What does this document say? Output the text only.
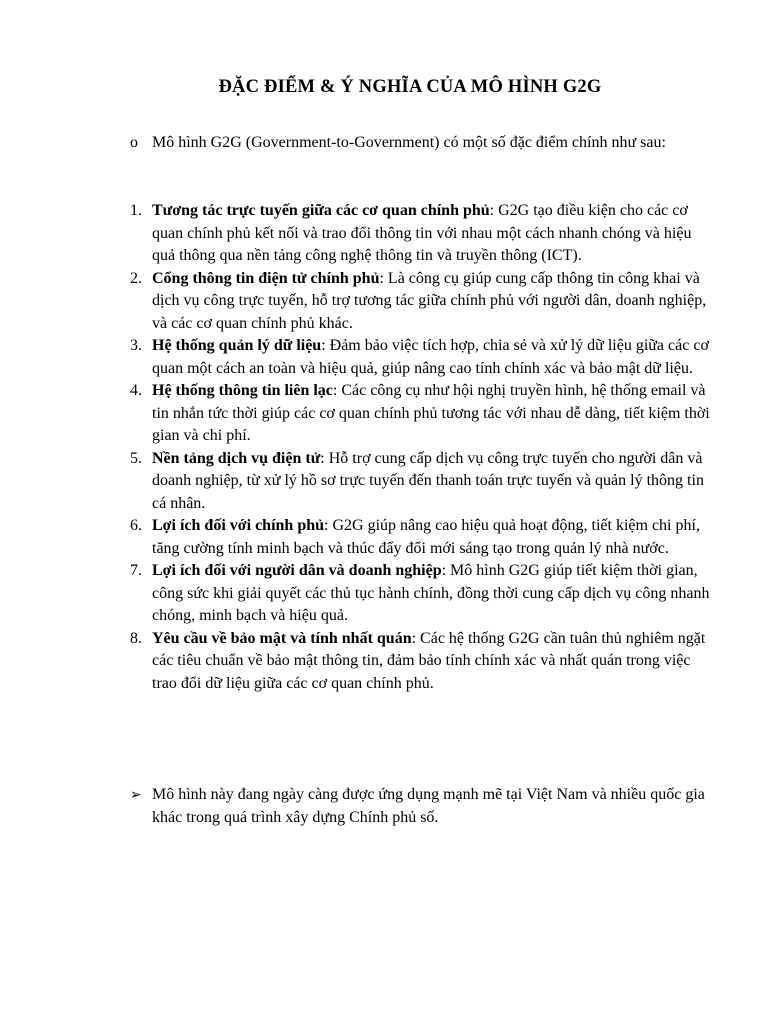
ĐẶC ĐIỂM & Ý NGHĨA CỦA MÔ HÌNH G2G
o Mô hình G2G (Government-to-Government) có một số đặc điểm chính như sau:
1. Tương tác trực tuyến giữa các cơ quan chính phủ: G2G tạo điều kiện cho các cơ quan chính phủ kết nối và trao đổi thông tin với nhau một cách nhanh chóng và hiệu quả thông qua nền tảng công nghệ thông tin và truyền thông (ICT).
2. Cổng thông tin điện tử chính phủ: Là công cụ giúp cung cấp thông tin công khai và dịch vụ công trực tuyến, hỗ trợ tương tác giữa chính phủ với người dân, doanh nghiệp, và các cơ quan chính phủ khác.
3. Hệ thống quản lý dữ liệu: Đảm bảo việc tích hợp, chia sẻ và xử lý dữ liệu giữa các cơ quan một cách an toàn và hiệu quả, giúp nâng cao tính chính xác và bảo mật dữ liệu.
4. Hệ thống thông tin liên lạc: Các công cụ như hội nghị truyền hình, hệ thống email và tin nhắn tức thời giúp các cơ quan chính phủ tương tác với nhau dễ dàng, tiết kiệm thời gian và chi phí.
5. Nền tảng dịch vụ điện tử: Hỗ trợ cung cấp dịch vụ công trực tuyến cho người dân và doanh nghiệp, từ xử lý hồ sơ trực tuyến đến thanh toán trực tuyến và quản lý thông tin cá nhân.
6. Lợi ích đối với chính phủ: G2G giúp nâng cao hiệu quả hoạt động, tiết kiệm chi phí, tăng cường tính minh bạch và thúc đẩy đổi mới sáng tạo trong quản lý nhà nước.
7. Lợi ích đối với người dân và doanh nghiệp: Mô hình G2G giúp tiết kiệm thời gian, công sức khi giải quyết các thủ tục hành chính, đồng thời cung cấp dịch vụ công nhanh chóng, minh bạch và hiệu quả.
8. Yêu cầu về bảo mật và tính nhất quán: Các hệ thống G2G cần tuân thủ nghiêm ngặt các tiêu chuẩn về bảo mật thông tin, đảm bảo tính chính xác và nhất quán trong việc trao đổi dữ liệu giữa các cơ quan chính phủ.
➢ Mô hình này đang ngày càng được ứng dụng mạnh mẽ tại Việt Nam và nhiều quốc gia khác trong quá trình xây dựng Chính phủ số.
